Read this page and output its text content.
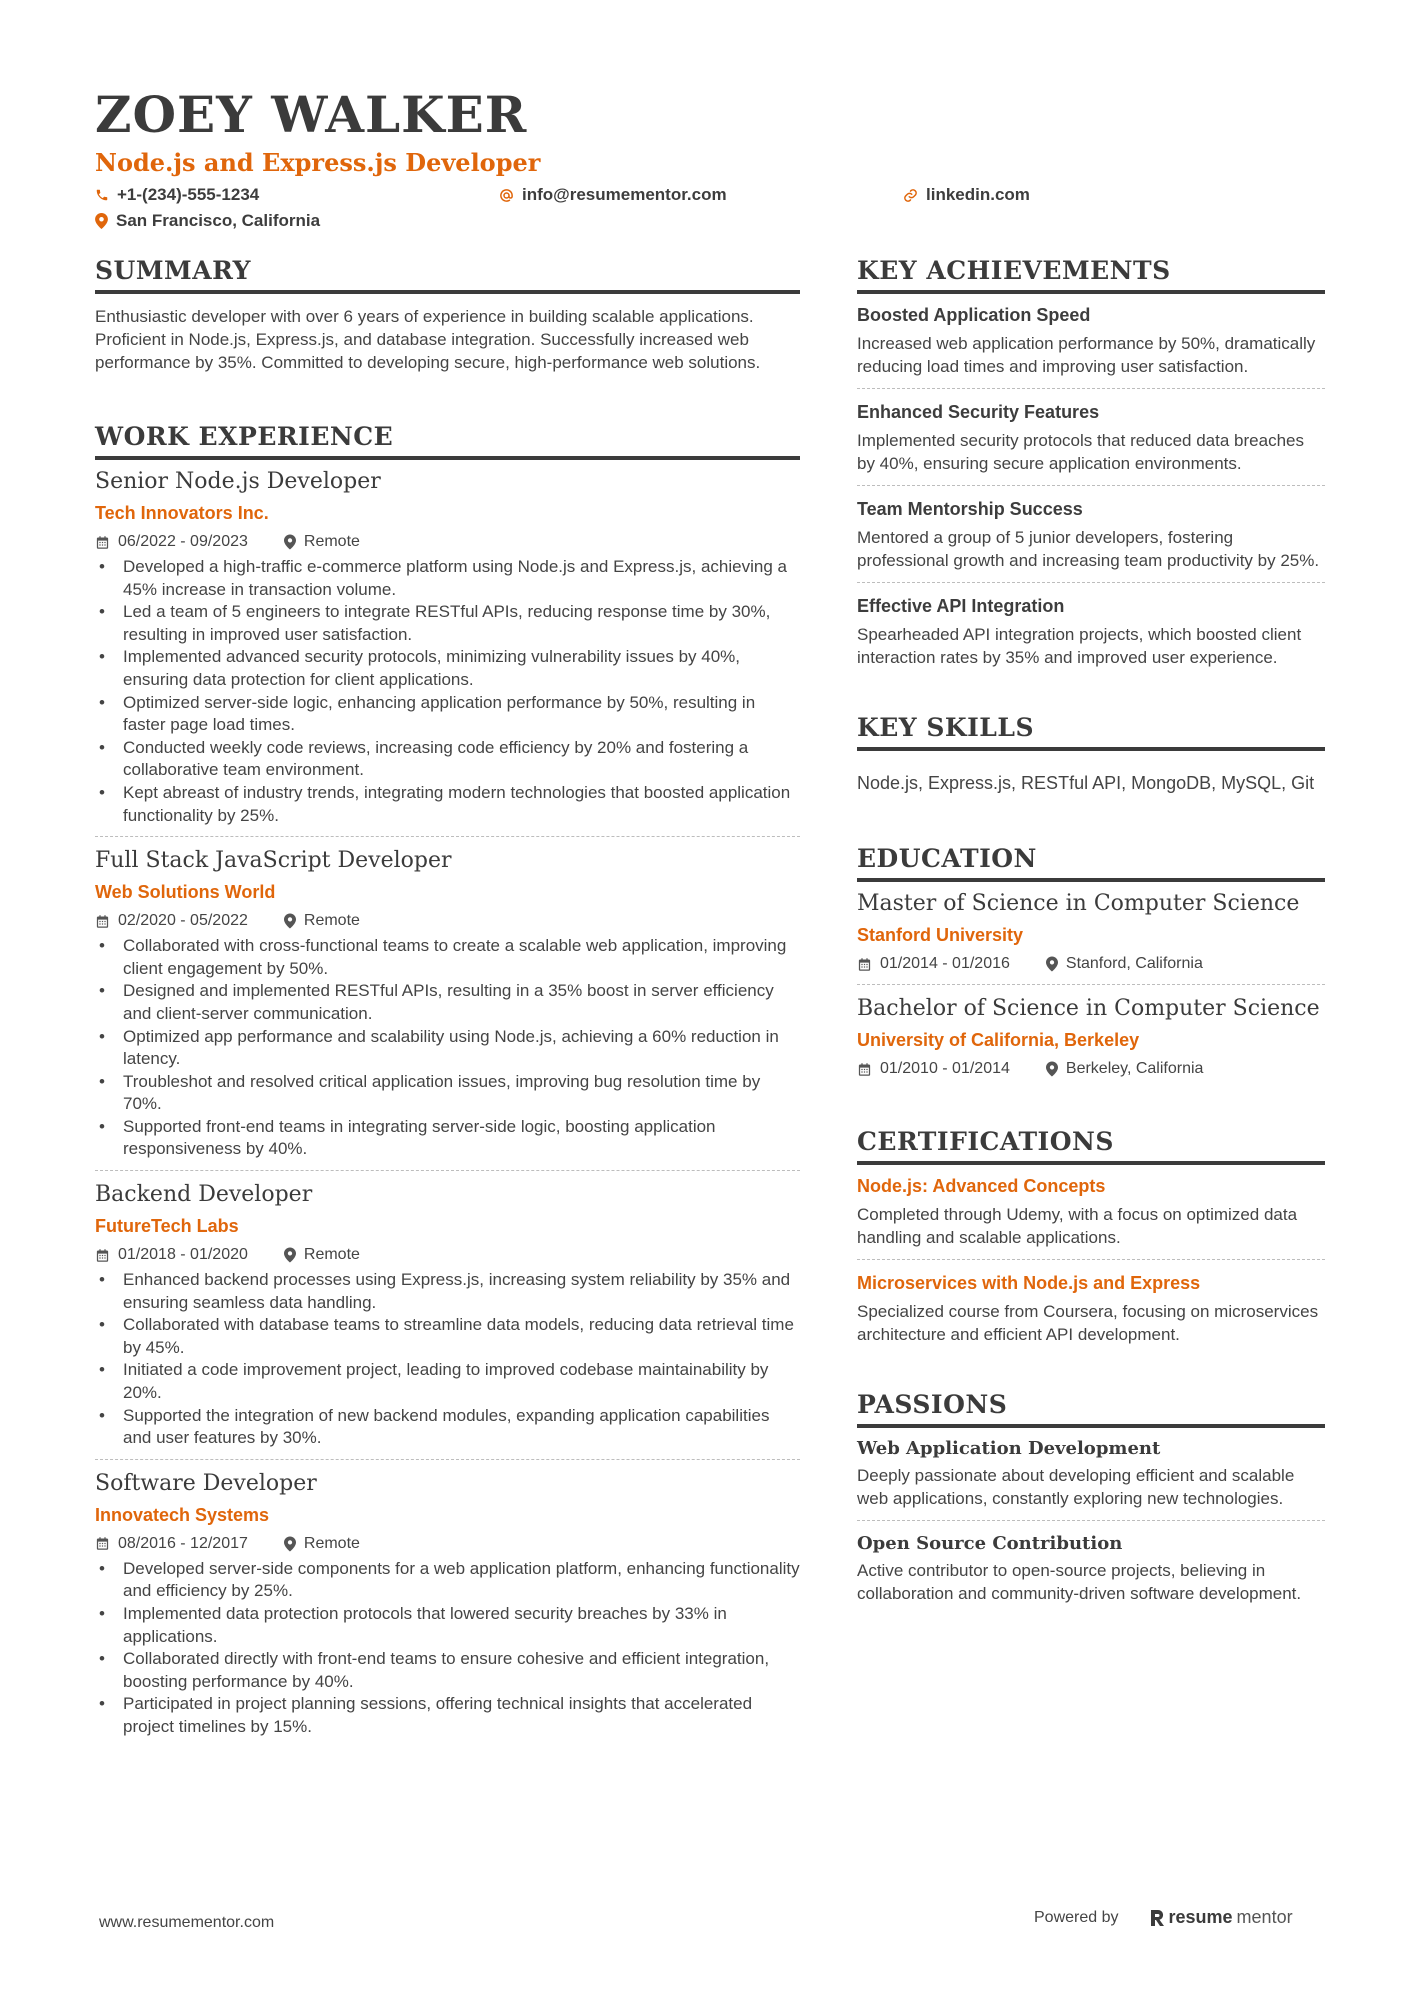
ZOEY WALKER
Node.js and Express.js Developer
+1-(234)-555-1234	info@resumementor.com	linkedin.com
San Francisco, California
SUMMARY
Enthusiastic developer with over 6 years of experience in building scalable applications. Proficient in Node.js, Express.js, and database integration. Successfully increased web performance by 35%. Committed to developing secure, high-performance web solutions.
WORK EXPERIENCE
Senior Node.js Developer
Tech Innovators Inc.
06/2022 - 09/2023	Remote
• Developed a high-traffic e-commerce platform using Node.js and Express.js, achieving a 45% increase in transaction volume.
• Led a team of 5 engineers to integrate RESTful APIs, reducing response time by 30%, resulting in improved user satisfaction.
• Implemented advanced security protocols, minimizing vulnerability issues by 40%, ensuring data protection for client applications.
• Optimized server-side logic, enhancing application performance by 50%, resulting in faster page load times.
• Conducted weekly code reviews, increasing code efficiency by 20% and fostering a collaborative team environment.
• Kept abreast of industry trends, integrating modern technologies that boosted application functionality by 25%.
Full Stack JavaScript Developer
Web Solutions World
02/2020 - 05/2022	Remote
• Collaborated with cross-functional teams to create a scalable web application, improving client engagement by 50%.
• Designed and implemented RESTful APIs, resulting in a 35% boost in server efficiency and client-server communication.
• Optimized app performance and scalability using Node.js, achieving a 60% reduction in latency.
• Troubleshot and resolved critical application issues, improving bug resolution time by 70%.
• Supported front-end teams in integrating server-side logic, boosting application responsiveness by 40%.
Backend Developer
FutureTech Labs
01/2018 - 01/2020	Remote
• Enhanced backend processes using Express.js, increasing system reliability by 35% and ensuring seamless data handling.
• Collaborated with database teams to streamline data models, reducing data retrieval time by 45%.
• Initiated a code improvement project, leading to improved codebase maintainability by 20%.
• Supported the integration of new backend modules, expanding application capabilities and user features by 30%.
Software Developer
Innovatech Systems
08/2016 - 12/2017	Remote
• Developed server-side components for a web application platform, enhancing functionality and efficiency by 25%.
• Implemented data protection protocols that lowered security breaches by 33% in applications.
• Collaborated directly with front-end teams to ensure cohesive and efficient integration, boosting performance by 40%.
• Participated in project planning sessions, offering technical insights that accelerated project timelines by 15%.
KEY ACHIEVEMENTS
Boosted Application Speed
Increased web application performance by 50%, dramatically reducing load times and improving user satisfaction.
Enhanced Security Features
Implemented security protocols that reduced data breaches by 40%, ensuring secure application environments.
Team Mentorship Success
Mentored a group of 5 junior developers, fostering professional growth and increasing team productivity by 25%.
Effective API Integration
Spearheaded API integration projects, which boosted client interaction rates by 35% and improved user experience.
KEY SKILLS
Node.js, Express.js, RESTful API, MongoDB, MySQL, Git
EDUCATION
Master of Science in Computer Science
Stanford University
01/2014 - 01/2016	Stanford, California
Bachelor of Science in Computer Science
University of California, Berkeley
01/2010 - 01/2014	Berkeley, California
CERTIFICATIONS
Node.js: Advanced Concepts
Completed through Udemy, with a focus on optimized data handling and scalable applications.
Microservices with Node.js and Express
Specialized course from Coursera, focusing on microservices architecture and efficient API development.
PASSIONS
Web Application Development
Deeply passionate about developing efficient and scalable web applications, constantly exploring new technologies.
Open Source Contribution
Active contributor to open-source projects, believing in collaboration and community-driven software development.
www.resumementor.com	Powered by	resume mentor
